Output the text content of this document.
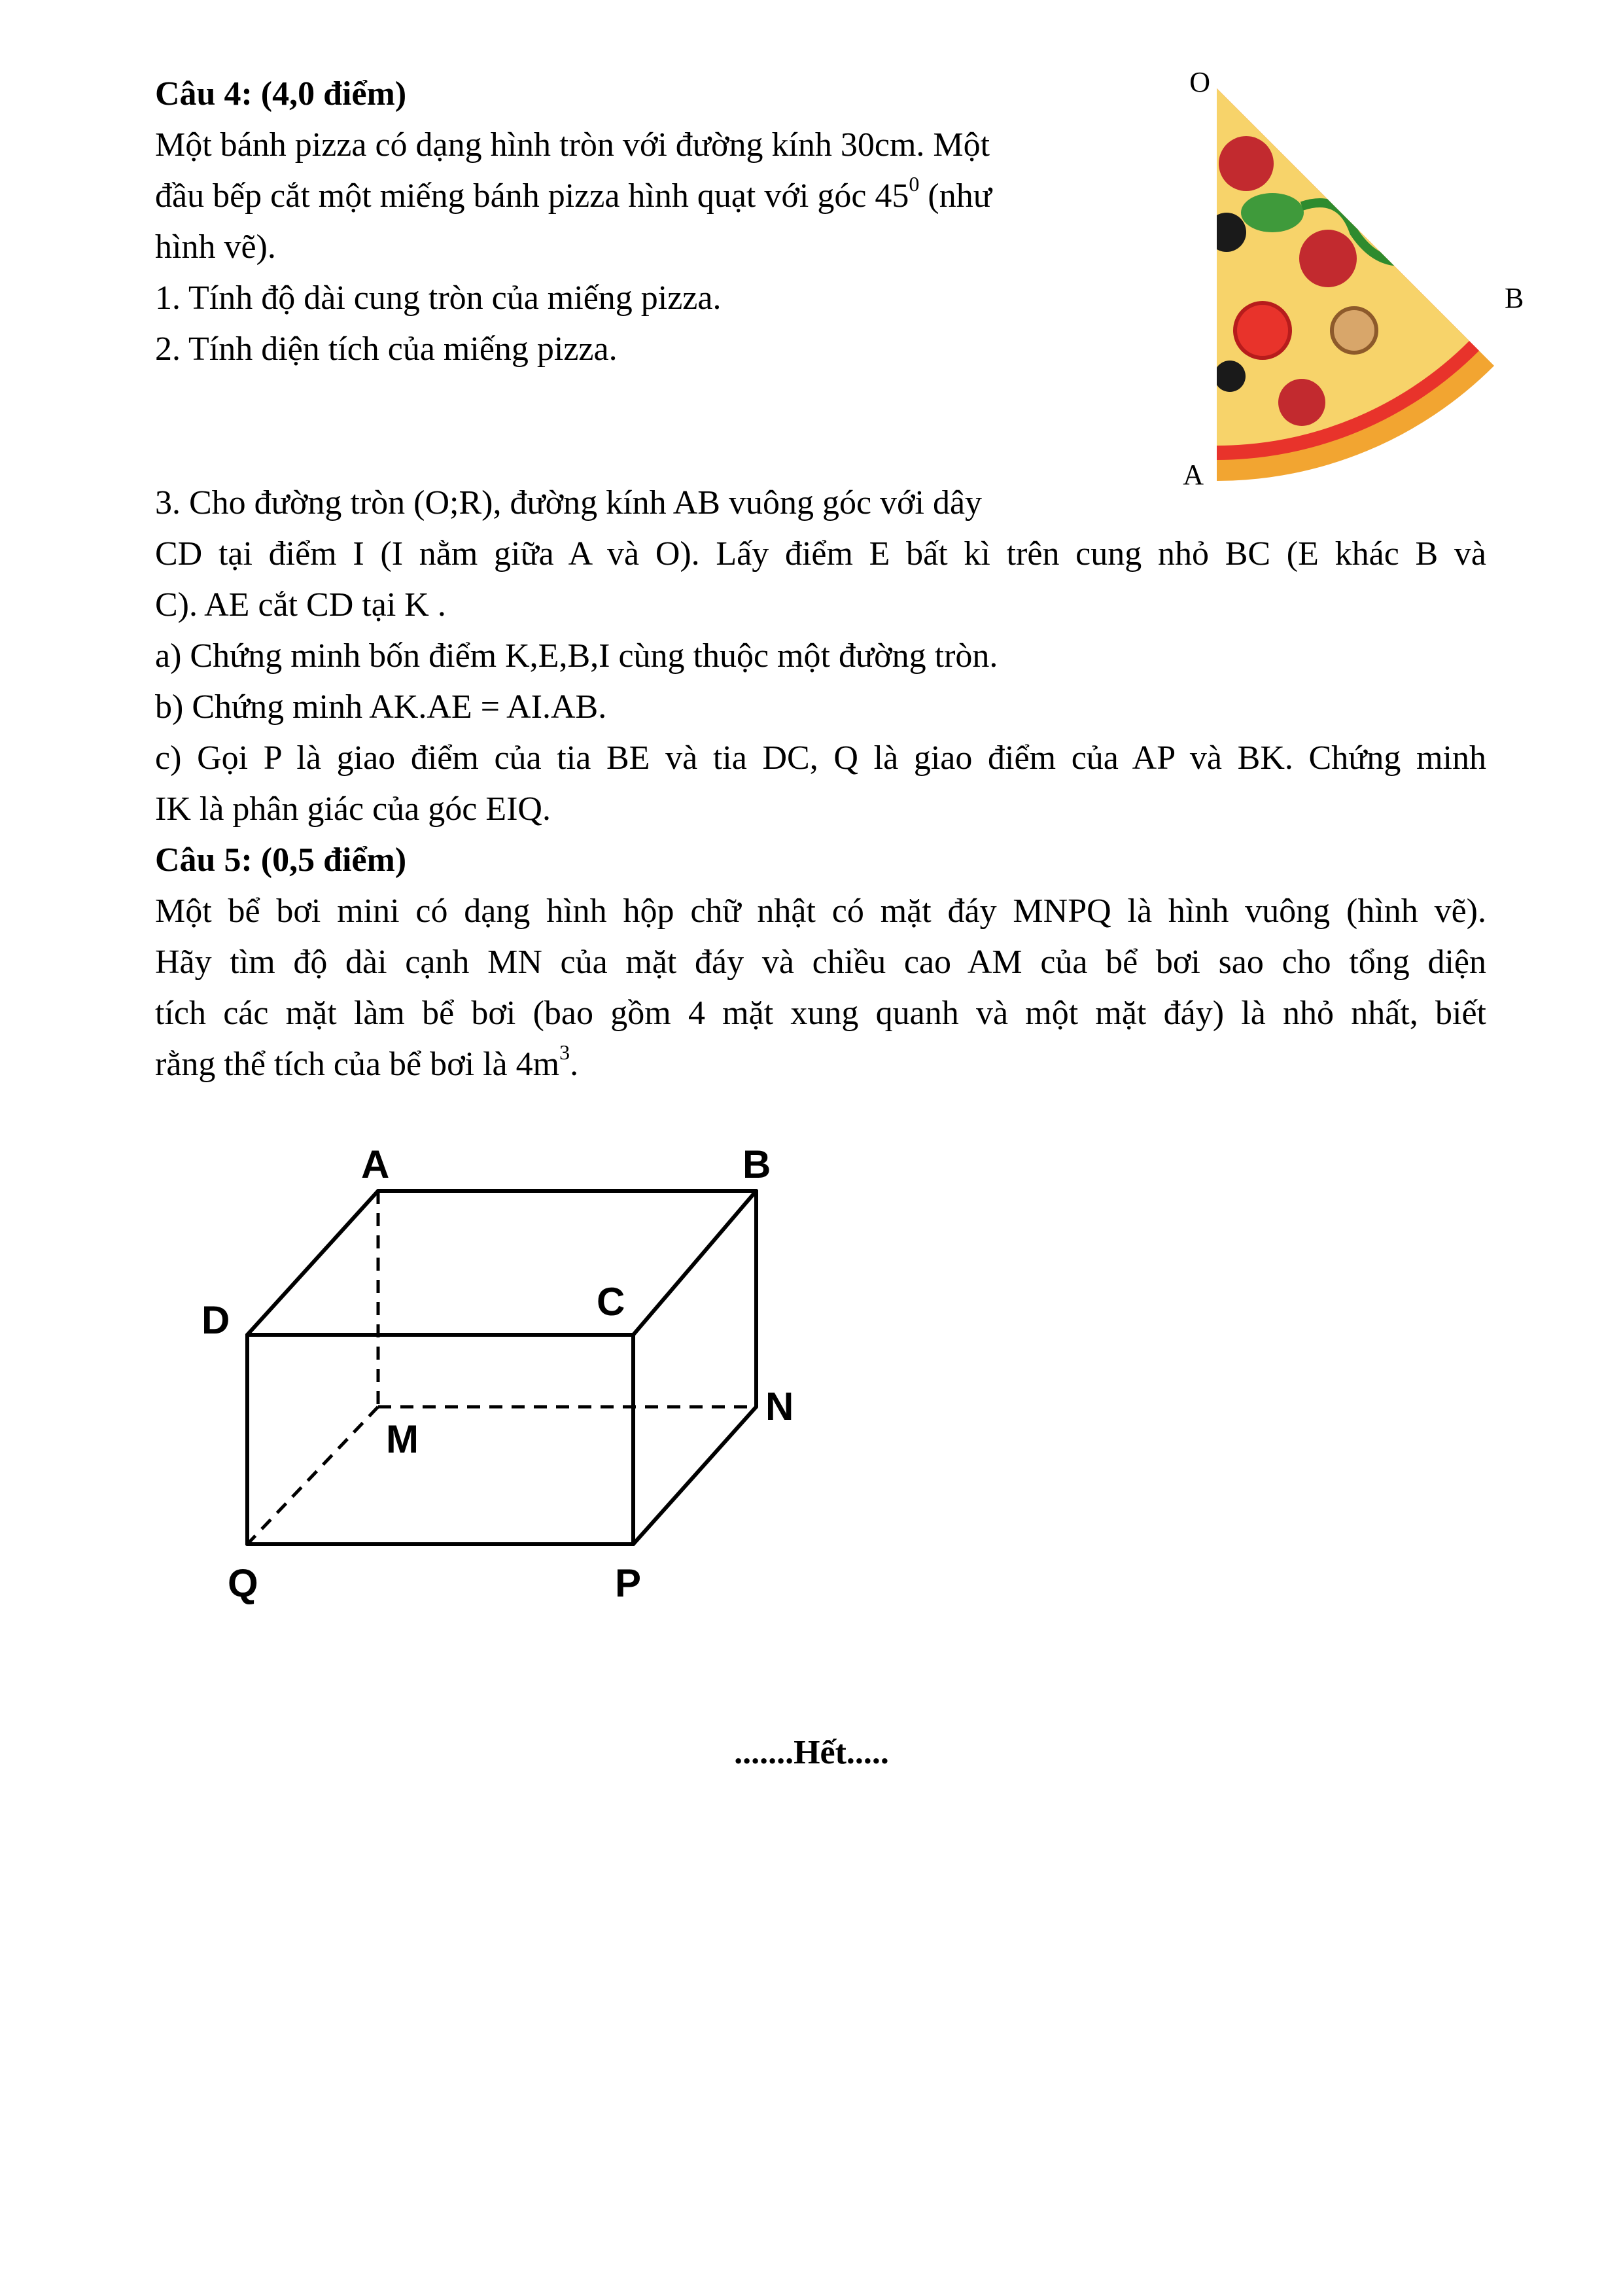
Câu 4: (4,0 điểm)
Một bánh pizza có dạng hình tròn với đường kính 30cm. Một
đầu bếp cắt một miếng bánh pizza hình quạt với góc $45^0$ (như
hình vẽ).
1. Tính độ dài cung tròn của miếng pizza.
2. Tính diện tích của miếng pizza.
3. Cho đường tròn (O;R), đường kính AB vuông góc với dây
CD tại điểm I (I nằm giữa A và O). Lấy điểm E bất kì trên cung nhỏ BC (E khác B và
C). AE cắt CD tại K .
a) Chứng minh bốn điểm K,E,B,I cùng thuộc một đường tròn.
b) Chứng minh AK.AE = AI.AB.
c) Gọi P là giao điểm của tia BE và tia DC, Q là giao điểm của AP và BK. Chứng minh
IK là phân giác của góc EIQ.
O
B
A
Câu 5: (0,5 điểm)
Một bể bơi mini có dạng hình hộp chữ nhật có mặt đáy MNPQ là hình vuông (hình vẽ).
Hãy tìm độ dài cạnh MN của mặt đáy và chiều cao AM của bể bơi sao cho tổng diện
tích các mặt làm bể bơi (bao gồm 4 mặt xung quanh và một mặt đáy) là nhỏ nhất, biết
rằng thể tích của bể bơi là $4m^3$.
A	B
D	C
M
N
Q	P
.......Hết.....
